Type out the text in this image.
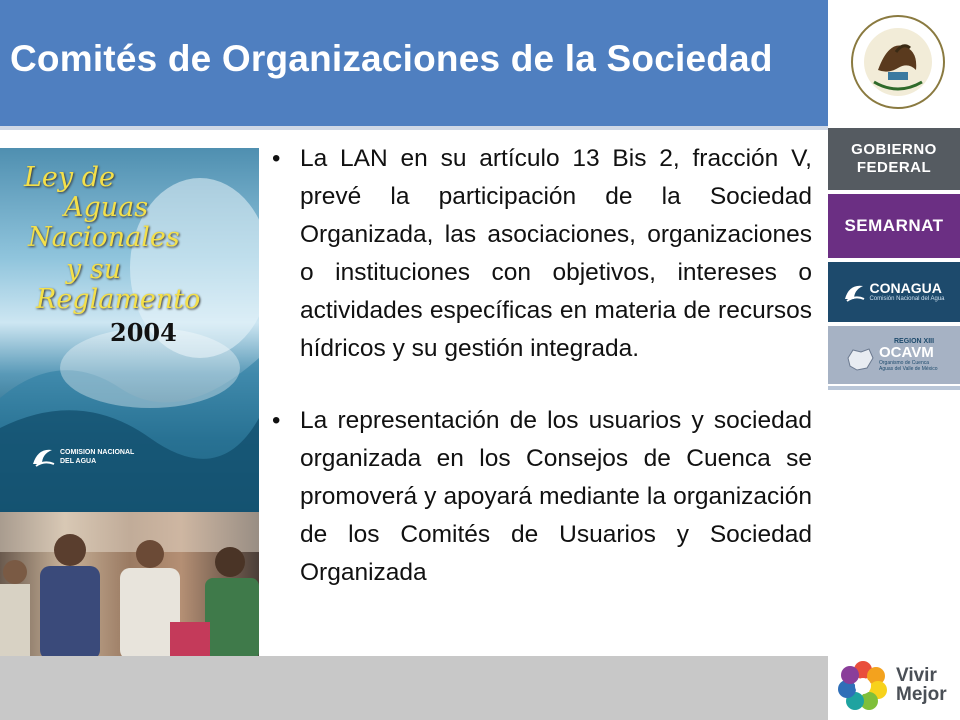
Comités de Organizaciones de la Sociedad
Ley de
Aguas
Nacionales
y su
Reglamento
2004
COMISION NACIONAL
DEL AGUA
• La LAN en su artículo 13 Bis 2, fracción V, prevé la participación de la Sociedad Organizada, las asociaciones, organizaciones o instituciones con objetivos, intereses o actividades específicas en materia de recursos hídricos y su gestión integrada.
• La representación de los usuarios y sociedad organizada en los Consejos de Cuenca se promoverá y apoyará mediante la organización de los Comités de Usuarios y Sociedad Organizada
GOBIERNO
FEDERAL
SEMARNAT
CONAGUA
Comisión Nacional del Agua
REGION XIII
OCAVM
Organismo de Cuenca Aguas del Valle de México
Vivir
Mejor
